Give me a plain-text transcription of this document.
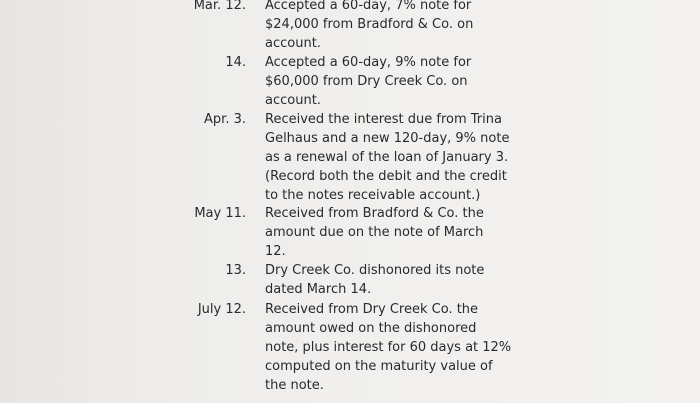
Mar. 12. Accepted a 60-day, 7% note for
$24,000 from Bradford & Co. on
account.
14. Accepted a 60-day, 9% note for
$60,000 from Dry Creek Co. on
account.
Apr. 3. Received the interest due from Trina
Gelhaus and a new 120-day, 9% note
as a renewal of the loan of January 3.
(Record both the debit and the credit
to the notes receivable account.)
May 11. Received from Bradford & Co. the
amount due on the note of March
12.
13. Dry Creek Co. dishonored its note
dated March 14.
July 12. Received from Dry Creek Co. the
amount owed on the dishonored
note, plus interest for 60 days at 12%
computed on the maturity value of
the note.
